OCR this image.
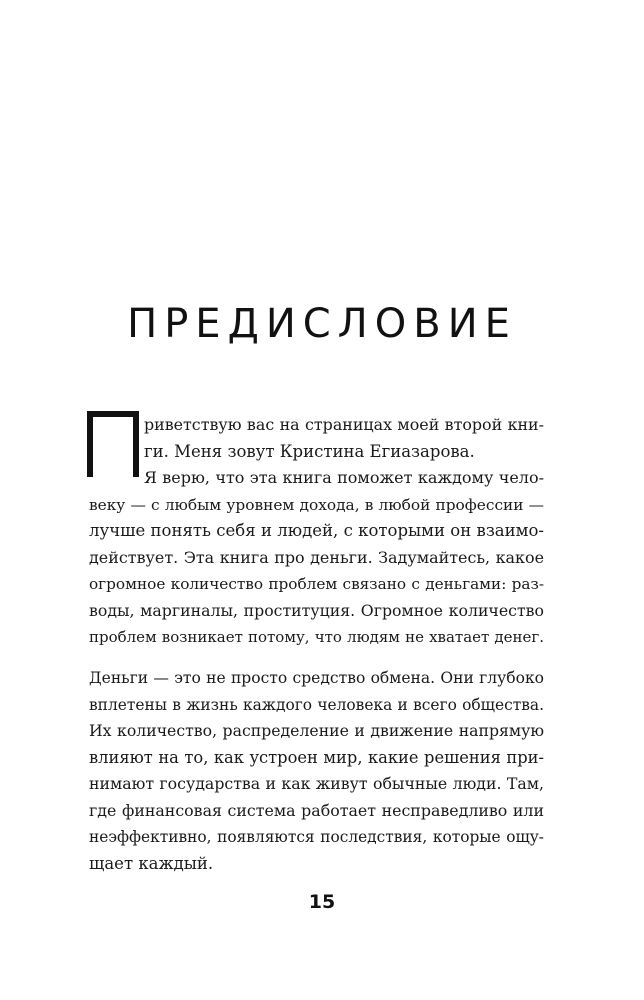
ПРЕДИСЛОВИЕ
риветствую вас на страницах моей второй кни-
ги. Меня зовут Кристина Егиазарова.
Я верю, что эта книга поможет каждому чело-
веку — с любым уровнем дохода, в любой профессии —
лучше понять себя и людей, с которыми он взаимо-
действует. Эта книга про деньги. Задумайтесь, какое
огромное количество проблем связано с деньгами: раз-
воды, маргиналы, проституция. Огромное количество
проблем возникает потому, что людям не хватает денег.
Деньги — это не просто средство обмена. Они глубоко
вплетены в жизнь каждого человека и всего общества.
Их количество, распределение и движение напрямую
влияют на то, как устроен мир, какие решения при-
нимают государства и как живут обычные люди. Там,
где финансовая система работает несправедливо или
неэффективно, появляются последствия, которые ощу-
щает каждый.
15
